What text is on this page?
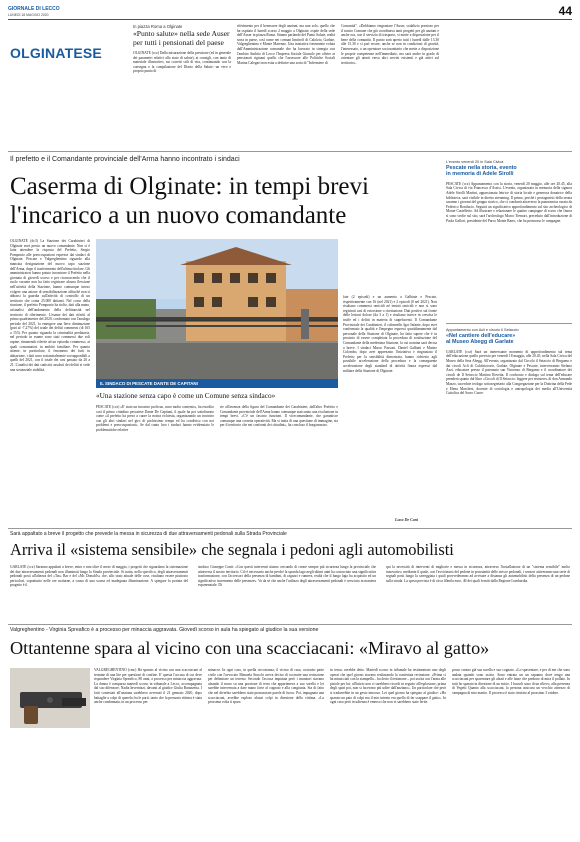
GIORNALE DI LECCO
LUNEDÌ 18 MAGGIO 2020	44
OLGINATESE
In piazza Roma a Olginate
«Punto salute» nella sede Auser
per tutti i pensionati del paese
OLGINATE (ccz) Dalla misurazione della pressione (ed in generale dei parametri relativi allo stato di salute), ai consigli, con tanto di materiale illustrativo, sui corretti stili di vita, continuando con la consegna e la compilazione del Diario della Salute: un vero e proprio punto di
riferimento per il benessere degli anziani, ma non solo, quello che ha ospitato il lunedì scorso 2 maggio a Olginate, ospite della sede dell'Auser in piazza Roma. Stiamo parlando del Punto Salute, realtà sorta in paese, così come nei comuni limitrofi di Calolzio, Garlate, Valgreghentino e Monte Marenzo. Una iniziativa fortemente voluta dall'Amministrazione comunale che ha lavorato in sinergia con l'ambito Ambito di Lecco l'Impresa Sociale Girasole per offrire ai pensionati rigiuani quello che l'assessore alle Politiche Sociali Marina Calegari non esita a definire una sorta di "Infermiere di
Comunità". «Dobbiamo ringraziare l'Auser, sodalizio prezioso per il nostro Comune che già coordinava tanti progetti per gli anziani e anche ora, con il servizio di trasporto, si mette a disposizione per il bene della comunità. Il punto sarà aperto tutti i lunedì dalle 13.30 alle 15.30 e si può recare, anche se non in condizioni di gravità, l'interessato, o un operatore sociosanitario che mette a disposizione le proprie competenze nell'immediato, ma sarà anche in grado di orientare gli utenti verso altri servizi esistenti e già attivi sul territorio».
L'evento venerdì 20 in Sala Civica
Pescate nella storia, evento
in memoria di Adele Sirolli
PESCATE (ccz) Appuntamento con la storia, venerdì 20 maggio, alle ore 20.45, alla Sala Civica di via Francesco d'Assisi. L'evento, organizzato in memoria della signora Adele Sirolli Martini, appassionata lettrice di storia locale e generosa donatrice della biblioteca, sarà visibile in diretta streaming. Il primo, perché i protagonisti della serata saranno i giovani del gruppo storico, che ci condurrà attraverso la panoramica curata da Federico Bonifacio. Seguirà un significativo approfondimento sul sito archeologico di Monte Castelletto. Ad illustrare e relazionare le quattro campagne di scavo che finora si sono svolte sul sito, sarà l'archeologo Marco Tremari, preceduto dall'introduzione di Paola Gallori, presidente del Parco Monte Barro, che ha promosso le campagne.
Appuntamento con Acli e circolo Il Setaccio
«Nel cantiere dell'educare»
al Museo Abegg di Garlate
GARLATE (ccz) Sarà un interessante momento di approfondimento sul tema dell'educazione quello previsto per venerdì 18 maggio, alle 20.45, nella Sala Civica del Museo della Seta Abegg. All'evento, organizzato dal Circolo il Setaccio di Bergamo e dai circoli Acli di Calolziocorte, Garlate, Olginate e Pescate, interverranno Stefano Azzi, educatore presso il patronato san Vincenzo di Bergamo e il coordinatore dei circoli de Il Setaccio Martino Rovetta. Il confronto e dialogo sul tema dell'educare prenderà spunto dal libro «Circoli di Il Setaccio: leggere per resistere» di don Armando Mazzo, sacerdote teologo sottosegretario alla Congregazione per la Dottrina della Fede e Elena Marchesi, docente di sociologia e antropologia dei media all'Università Cattolica del Sacro Cuore.
Il prefetto e il Comandante provinciale dell'Arma hanno incontrato i sindaci
Caserma di Olginate: in tempi brevi
l'incarico a un nuovo comandante
OLGINATE (dc3) La Stazione dei Carabinieri di Olginate avrà presto un nuovo comandante. Non si è fatta attendere la risposta del Prefetto, Sergio Pomponio alle preoccupazioni espresse dai sindaci di Olginate, Pescate e Valgreghentino riguardo alla mancata designazione del nuovo capo stazione dell'Arma, dopo il trasferimento dell'ultimo titolare. Gli amministratori hanno potuto incontrare il Prefetto nella giornata di giovedì scorso e per riconoscendo che il ruolo vacante non ha fatto registrare alcuna flessione nell'attività della Stazione, hanno comunque inteso volgere una azione di sensibilizzazione affinché non si abbassi la guardia sull'attività di controllo di un territorio che conta 25.000 abitanti. Nel corso della riunione, il prefetto Pomponio ha riolto, dati alla mano, un'analisi dell'andamento della delittuosità nel territorio di riferimento. L'esame dei dati riferiti al primo quadrimestre del 2020, confrontato con l'analogo periodo del 2021, fa emergere una lieve diminuzione (pari al -7,27%) del totale dei delitti commessi (di 165 a 153). Per quanto riguarda la criminalità predatoria, nel periodo in esame sono stati commessi due soli rapine, rimanendo riferite ad un episodio commesso, ai quali consumatosi in ambito familiare. Per quanto attiene, in particolare, il fenomeno dei furti in abitazione, i dati sono sostanzialmente sovrapponibili a quelli del 2021, con il totale dei casi passato da 20 a 21. L'analisi dei dati statistici assoluti dei delitti si vede una sostanziale stabilità.
fate (2 episodi) e un aumento a Galbiate e Pescate, rispettivamente con 16 (nel 2021) e 2 episodi (0 nel 2021). Non risultano commessi omicidi né tentati omicidi e non si sono registrati casi di estorsione o ricettazione. Dati positivi sul fronte delle lesioni dolose (da 3 a 1) e risultano invece in crescita le truffe ed i delitti in materia di stupefacenti. Il Comandante Provinciale dei Carabinieri, il colonnello Igor Infante, dopo aver confermato la qualità e l'impegno espressi quotidianamente dal personale della Stazione di Olginate, ha fatto sapere che è in procinto di essere completata la procedura di sostituzione del Comandante della medesima Stazione, la cui nomina sarà decisa a breve. I sindaci Marco Passoni, Daniel Galbiati e Matteo Colombo, dopo aver apprezzato l'iniziativa e ringraziato il Prefetto per la sensibilità dimostrata, hanno richiesto agli possibile accelerazione della procedura e la conseguente accelerazione degli standard di attività finora espressi dal militare della Stazione di Olginate.
IL SINDACO DI PESCATE DANTE DE CAPITANI
«Una stazione senza capo è come un Comune senza sindaco»
PESCATE (ccz) «E' stato un incontro proficuo, sono molto contento», ha esordito così il primo cittadino pescatese Dante De Capitani, il quale ha poi sottolineato come «il prefetto ha preso a cuore la nostra richiesta, organizzando un incontro con gli altri sindaci nel giro di pochissimo tempo ed ha condiviso con noi problemi e preoccupazioni». Se dal canto loro i sindaci hanno evidenziato le problematiche relative
rie all'assenza della figura del Comandante dei Carabinieri, dall'altro Prefetto e Comandante provinciale dell'Arma hanno comunque assicurato una risoluzione in tempi brevi. «C'è un fascino funzioni. Il vicecomandante, che garantisce comunque una corretta operatività. Ma si tratta di una questione di immagine, sia per il territorio che nei confronti dei cittadini», ha concluso il borgomastro.
Luca De Cani
Sarà appaltato a breve il progetto che prevede la messa in sicurezza di due attraversamenti pedonali sulla Strada Provinciale
Arriva il «sistema sensibile» che segnala i pedoni agli automobilisti
GARLATE (ccz) Saranno appaltati a breve, entro e non oltre il mese di maggio, i progetti che riguardano la sistemazione dei due attraversamenti pedonali non illuminati lungo la Strada provinciale. Si tratta, nello specifico, degli attraversamenti pedonali posti all'altezza del «Tas» Bar e del «Mc Donald's» che, allo stato attuale delle cose, risultano essere piuttosto pericolosi, soprattutto nelle ore notturne, a causa di una scarsa ed inadeguata illuminazione. A spiegare la portata del progetto è il
sindaco Giuseppe Conti: «Con questi interventi stiamo cercando di creare sempre più sicurezza lungo la provinciale che attraversa il nostro territorio. Ciò è necessario anche perché la sponda lago negli ultimi anni ha conosciuto una significativa trasformazione, con l'accessori della presenza di bambini, di ragazzi e runners, realtà che il lungo lago ha acquisito ed un significativo incremento delle presenze». Va da sé che anche l'utilizzo degli attraversamenti pedonali è cresciuto in maniera esponenziale. Di
qui la necessità di interventi di migliorie e messa in sicurezza, attraverso l'installazione di un "sistema sensibile" molto innovativo, mediante il quale, con l'avvicinarsi del pedone in prossimità delle strisce pedonali, i sensori attiveranno una serie di segnali posti lungo la carreggiata i quali provvederanno ad avvisare a distanza gli automobilisti della presenza di un pedone sulla strada. La spesa prevista è di circa 40mila euro, 40 dei quali forniti dalla Regione Lombardia.
Valgreghentino - Virginia Spreafico è a processo per minaccia aggravata. Giovedì scorso in aula ha spiegato al giudice la sua versione
Ottantenne spara al vicino con una scacciacani: «Miravo al gatto»
VALGREGHENTINO (cmc) Ha sparato al vicino con una scacciacani al termine di una lite per questioni di confine. E' questa l'accusa di cui deve rispondere Virginia Spreafico, 80 anni, a processo per minaccia aggravata. La donna è comparsa martedì scorso in tribunale a Lecco, accompagnata dal suo difensore, Nadia Invernizzi, davanti al giudice Giulia Barazzetta. I fatti contestati all'anziana sarebbero avvenuti il 21 gennaio 2020, dopo battaglie a colpi di querela fra le parti, tanto che la presunta vittima è stata anche condannata, in un processo per
minacce. In ogni caso, in quella circostanza, il vicino di casa, costruito parte civile con l'avvocato Manuela Stucchi aveva deciso di costruire una recinzione per delimitare un terreno. Secondo l'accusa imputata però i muratori stavano alzando il muro su una porzione di terra che apparteneva a suo sorella e lei sarebbe intervenuta a dare mano forte al cognato e alla congiunta. Sta di fatto che nel diverbio sarebbero state pronunciate parole di fuoco. Poi, impugnata una scacciacani, avrebbe esploso alcuni colpi in direzione della vittima. «La prossima volta ti spara
in testa» avrebbe detto. Martedì scorso in tribunale ha testimoniato uno degli operai che quel giorno stavano realizzando la contestata recinzione. «Prima ci ha minacciati con la stampella – ha detto il testimone – poi uscita con l'arma alle pistole per lui: all'inizio non ci sarebbero ricordi in seguito all'esplosione, prima degli spari poi, non si facevano più udire dall'anziano». Un particolare che però si tradurrebbe in un gesto innocuo. Lei quel giorno ha spiegato al giudice: «Ho sparato un paio di colpi ma il mio intento era quello di far scappare il gatto». In ogni caso però in udienza è emerso che non vi sarebbero state ferite.
posso creano già sua sorella e suo cognato. «Lo spaventare, e per di me che sono andata quando sono uscito. Sono entrata un un capanno dove tengo una scacciacani per spaventare gli alzati e alle faine che predono di mira il pollaio. In tutti ho sparato in direzione di un micio. I bossoli sono di un rilievo, alla presenza di Vegetti Quanto alla scacciacani, la persona assicura un vecchio attrezzo di campagna di mio marito. Il processo è stato rinviato al prossimo 3 ottobre.
